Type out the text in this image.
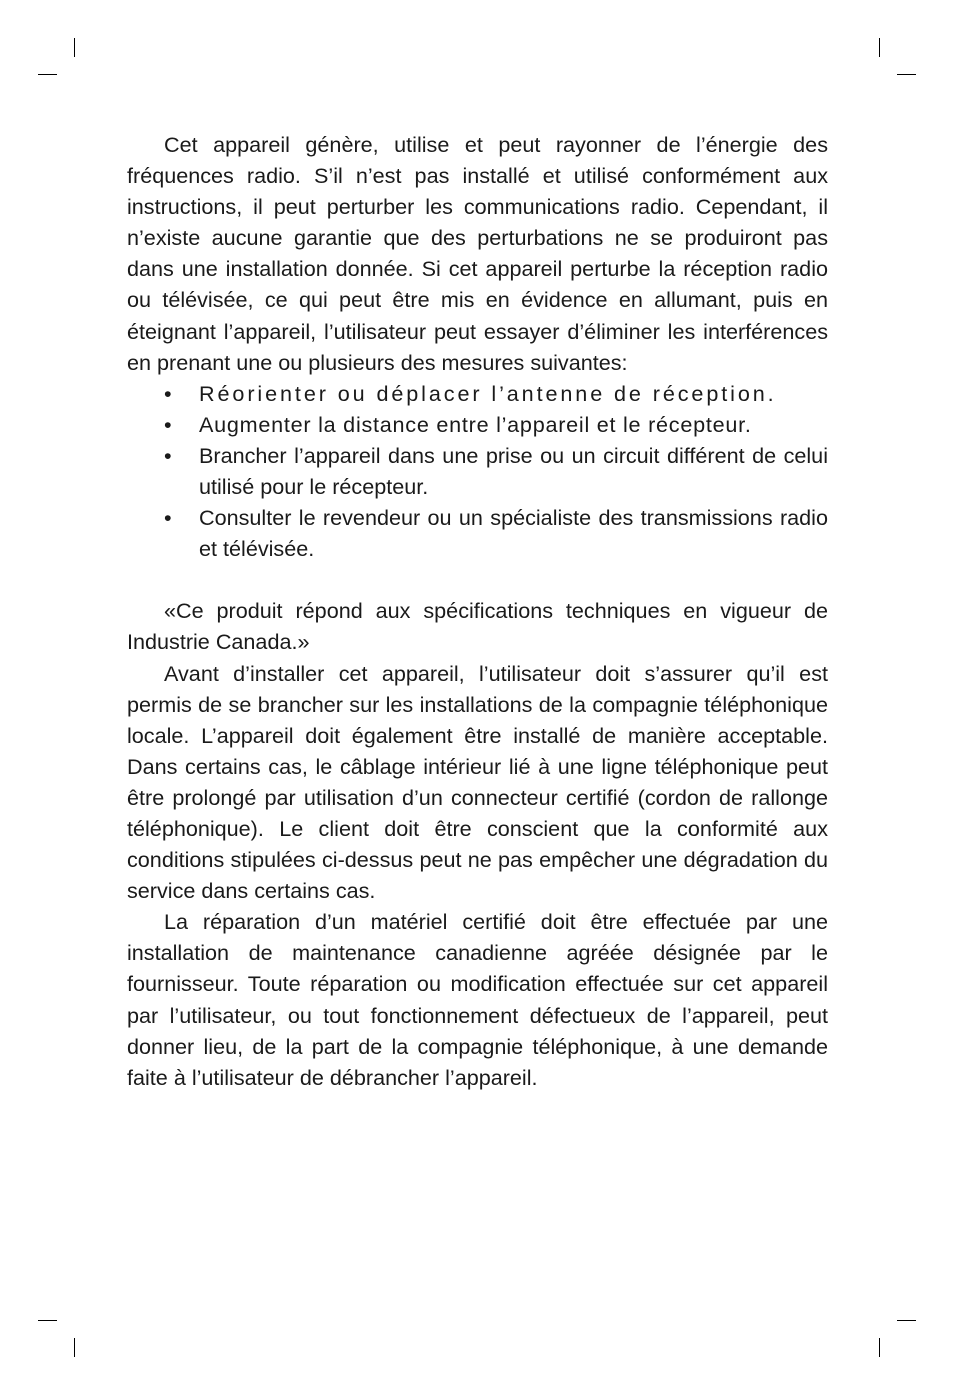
Cet appareil génère, utilise et peut rayonner de l’énergie des fréquences radio. S’il n’est pas installé et utilisé conformément aux instructions, il peut perturber les communications radio. Cependant, il n’existe aucune garantie que des perturbations ne se produiront pas dans une installation donnée. Si cet appareil perturbe la réception radio ou télévisée, ce qui peut être mis en évidence en allumant, puis en éteignant l’appareil, l’utilisateur peut essayer d’éliminer les interférences en prenant une ou plusieurs des mesures suivantes:

• Réorienter ou déplacer l’antenne de réception.
• Augmenter la distance entre l’appareil et le récepteur.
• Brancher l’appareil dans une prise ou un circuit différent de celui utilisé pour le récepteur.
• Consulter le revendeur ou un spécialiste des transmissions radio et télévisée.

«Ce produit répond aux spécifications techniques en vigueur de Industrie Canada.»

Avant d’installer cet appareil, l’utilisateur doit s’assurer qu’il est permis de se brancher sur les installations de la compagnie téléphonique locale. L’appareil doit également être installé de manière acceptable. Dans certains cas, le câblage intérieur lié à une ligne téléphonique peut être prolongé par utilisation d’un connecteur certifié (cordon de rallonge téléphonique). Le client doit être conscient que la conformité aux conditions stipulées ci-dessus peut ne pas empêcher une dégradation du service dans certains cas.

La réparation d’un matériel certifié doit être effectuée par une installation de maintenance canadienne agréée désignée par le fournisseur. Toute réparation ou modification effectuée sur cet appareil par l’utilisateur, ou tout fonctionnement défectueux de l’appareil, peut donner lieu, de la part de la compagnie téléphonique, à une demande faite à l’utilisateur de débrancher l’appareil.
